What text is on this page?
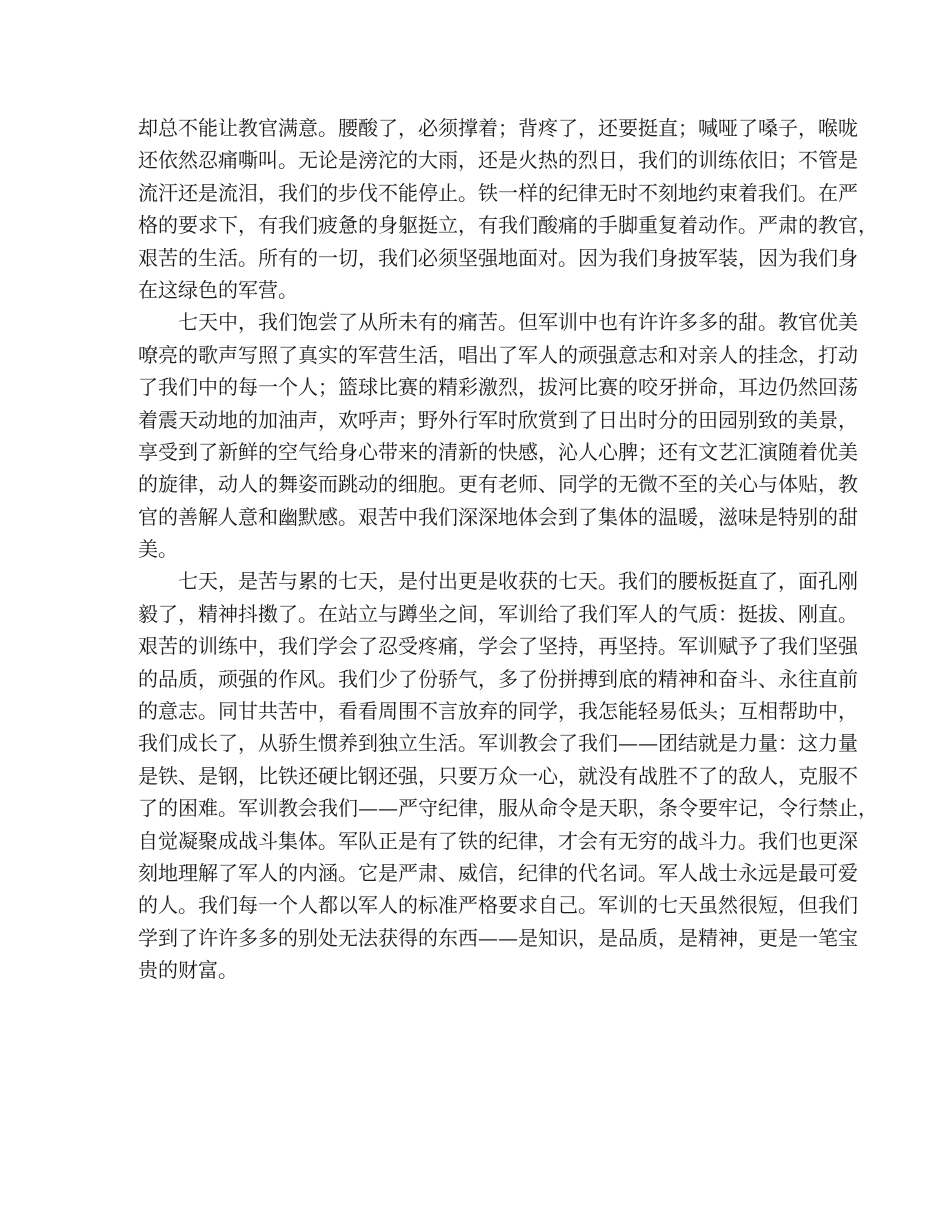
却总不能让教官满意。腰酸了，必须撑着；背疼了，还要挺直；喊哑了嗓子，喉咙
还依然忍痛嘶叫。无论是滂沱的大雨，还是火热的烈日，我们的训练依旧；不管是
流汗还是流泪，我们的步伐不能停止。铁一样的纪律无时不刻地约束着我们。在严
格的要求下，有我们疲惫的身躯挺立，有我们酸痛的手脚重复着动作。严肃的教官，
艰苦的生活。所有的一切，我们必须坚强地面对。因为我们身披军装，因为我们身
在这绿色的军营。
七天中，我们饱尝了从所未有的痛苦。但军训中也有许许多多的甜。教官优美
嘹亮的歌声写照了真实的军营生活，唱出了军人的顽强意志和对亲人的挂念，打动
了我们中的每一个人；篮球比赛的精彩激烈，拔河比赛的咬牙拼命，耳边仍然回荡
着震天动地的加油声，欢呼声；野外行军时欣赏到了日出时分的田园别致的美景，
享受到了新鲜的空气给身心带来的清新的快感，沁人心脾；还有文艺汇演随着优美
的旋律，动人的舞姿而跳动的细胞。更有老师、同学的无微不至的关心与体贴，教
官的善解人意和幽默感。艰苦中我们深深地体会到了集体的温暖，滋味是特别的甜
美。
七天，是苦与累的七天，是付出更是收获的七天。我们的腰板挺直了，面孔刚
毅了，精神抖擞了。在站立与蹲坐之间，军训给了我们军人的气质：挺拔、刚直。
艰苦的训练中，我们学会了忍受疼痛，学会了坚持，再坚持。军训赋予了我们坚强
的品质，顽强的作风。我们少了份骄气，多了份拼搏到底的精神和奋斗、永往直前
的意志。同甘共苦中，看看周围不言放弃的同学，我怎能轻易低头；互相帮助中，
我们成长了，从骄生惯养到独立生活。军训教会了我们——团结就是力量：这力量
是铁、是钢，比铁还硬比钢还强，只要万众一心，就没有战胜不了的敌人，克服不
了的困难。军训教会我们——严守纪律，服从命令是天职，条令要牢记，令行禁止，
自觉凝聚成战斗集体。军队正是有了铁的纪律，才会有无穷的战斗力。我们也更深
刻地理解了军人的内涵。它是严肃、威信，纪律的代名词。军人战士永远是最可爱
的人。我们每一个人都以军人的标准严格要求自己。军训的七天虽然很短，但我们
学到了许许多多的别处无法获得的东西——是知识，是品质，是精神，更是一笔宝
贵的财富。
